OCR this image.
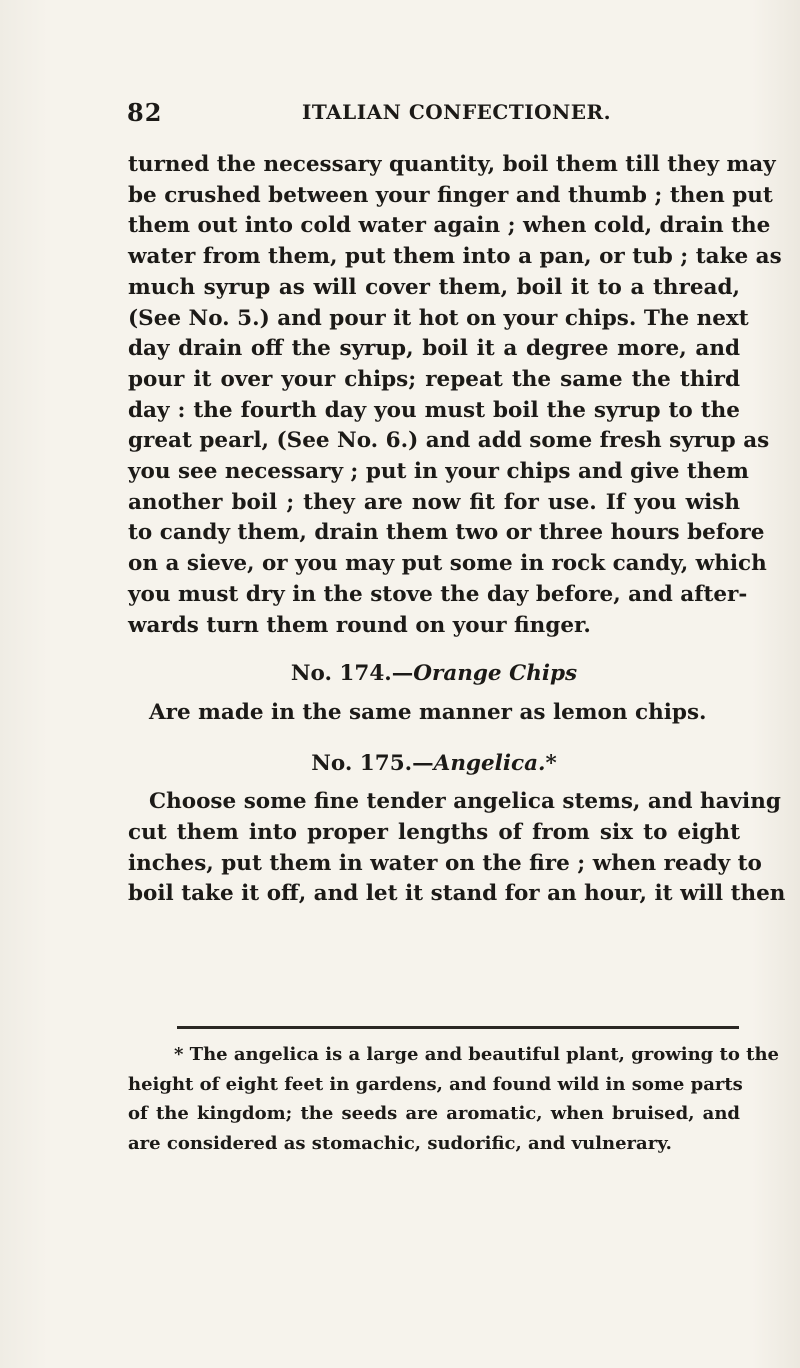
82	ITALIAN CONFECTIONER.

turned the necessary quantity, boil them till they may
be crushed between your finger and thumb ; then put
them out into cold water again ; when cold, drain the
water from them, put them into a pan, or tub ; take as
much syrup as will cover them, boil it to a thread,
(See No. 5.) and pour it hot on your chips. The next
day drain off the syrup, boil it a degree more, and
pour it over your chips; repeat the same the third
day : the fourth day you must boil the syrup to the
great pearl, (See No. 6.) and add some fresh syrup as
you see necessary ; put in your chips and give them
another boil ; they are now fit for use. If you wish
to candy them, drain them two or three hours before
on a sieve, or you may put some in rock candy, which
you must dry in the stove the day before, and after-
wards turn them round on your finger.

No. 174.—Orange Chips

Are made in the same manner as lemon chips.

No. 175.—Angelica.*

Choose some fine tender angelica stems, and having
cut them into proper lengths of from six to eight
inches, put them in water on the fire ; when ready to
boil take it off, and let it stand for an hour, it will then

* The angelica is a large and beautiful plant, growing to the
height of eight feet in gardens, and found wild in some parts
of the kingdom; the seeds are aromatic, when bruised, and
are considered as stomachic, sudorific, and vulnerary.
